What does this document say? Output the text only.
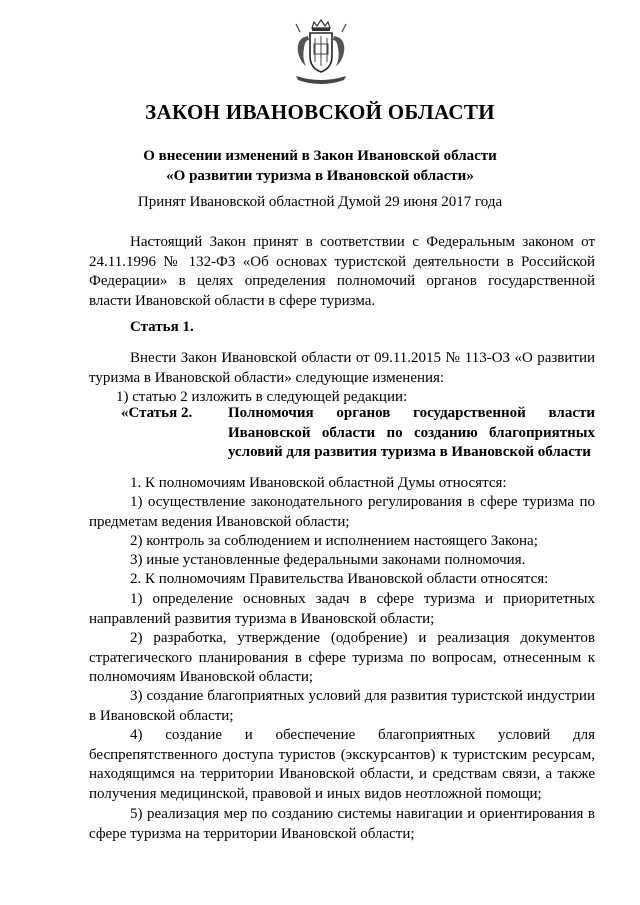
ЗАКОН ИВАНОВСКОЙ ОБЛАСТИ
О внесении изменений в Закон Ивановской области
«О развитии туризма в Ивановской области»
Принят Ивановской областной Думой 29 июня 2017 года

Настоящий Закон принят в соответствии с Федеральным законом от 24.11.1996 № 132-ФЗ «Об основах туристской деятельности в Российской Федерации» в целях определения полномочий органов государственной власти Ивановской области в сфере туризма.

Статья 1.

Внести Закон Ивановской области от 09.11.2015 № 113-ОЗ «О развитии туризма в Ивановской области» следующие изменения:

1) статью 2 изложить в следующей редакции:

«Статья 2. Полномочия органов государственной власти Ивановской области по созданию благоприятных условий для развития туризма в Ивановской области

1. К полномочиям Ивановской областной Думы относятся:

1) осуществление законодательного регулирования в сфере туризма по предметам ведения Ивановской области;

2) контроль за соблюдением и исполнением настоящего Закона;

3) иные установленные федеральными законами полномочия.

2. К полномочиям Правительства Ивановской области относятся:

1) определение основных задач в сфере туризма и приоритетных направлений развития туризма в Ивановской области;

2) разработка, утверждение (одобрение) и реализация документов стратегического планирования в сфере туризма по вопросам, отнесенным к полномочиям Ивановской области;

3) создание благоприятных условий для развития туристской индустрии в Ивановской области;

4) создание и обеспечение благоприятных условий для беспрепятственного доступа туристов (экскурсантов) к туристским ресурсам, находящимся на территории Ивановской области, и средствам связи, а также получения медицинской, правовой и иных видов неотложной помощи;

5) реализация мер по созданию системы навигации и ориентирования в сфере туризма на территории Ивановской области;
